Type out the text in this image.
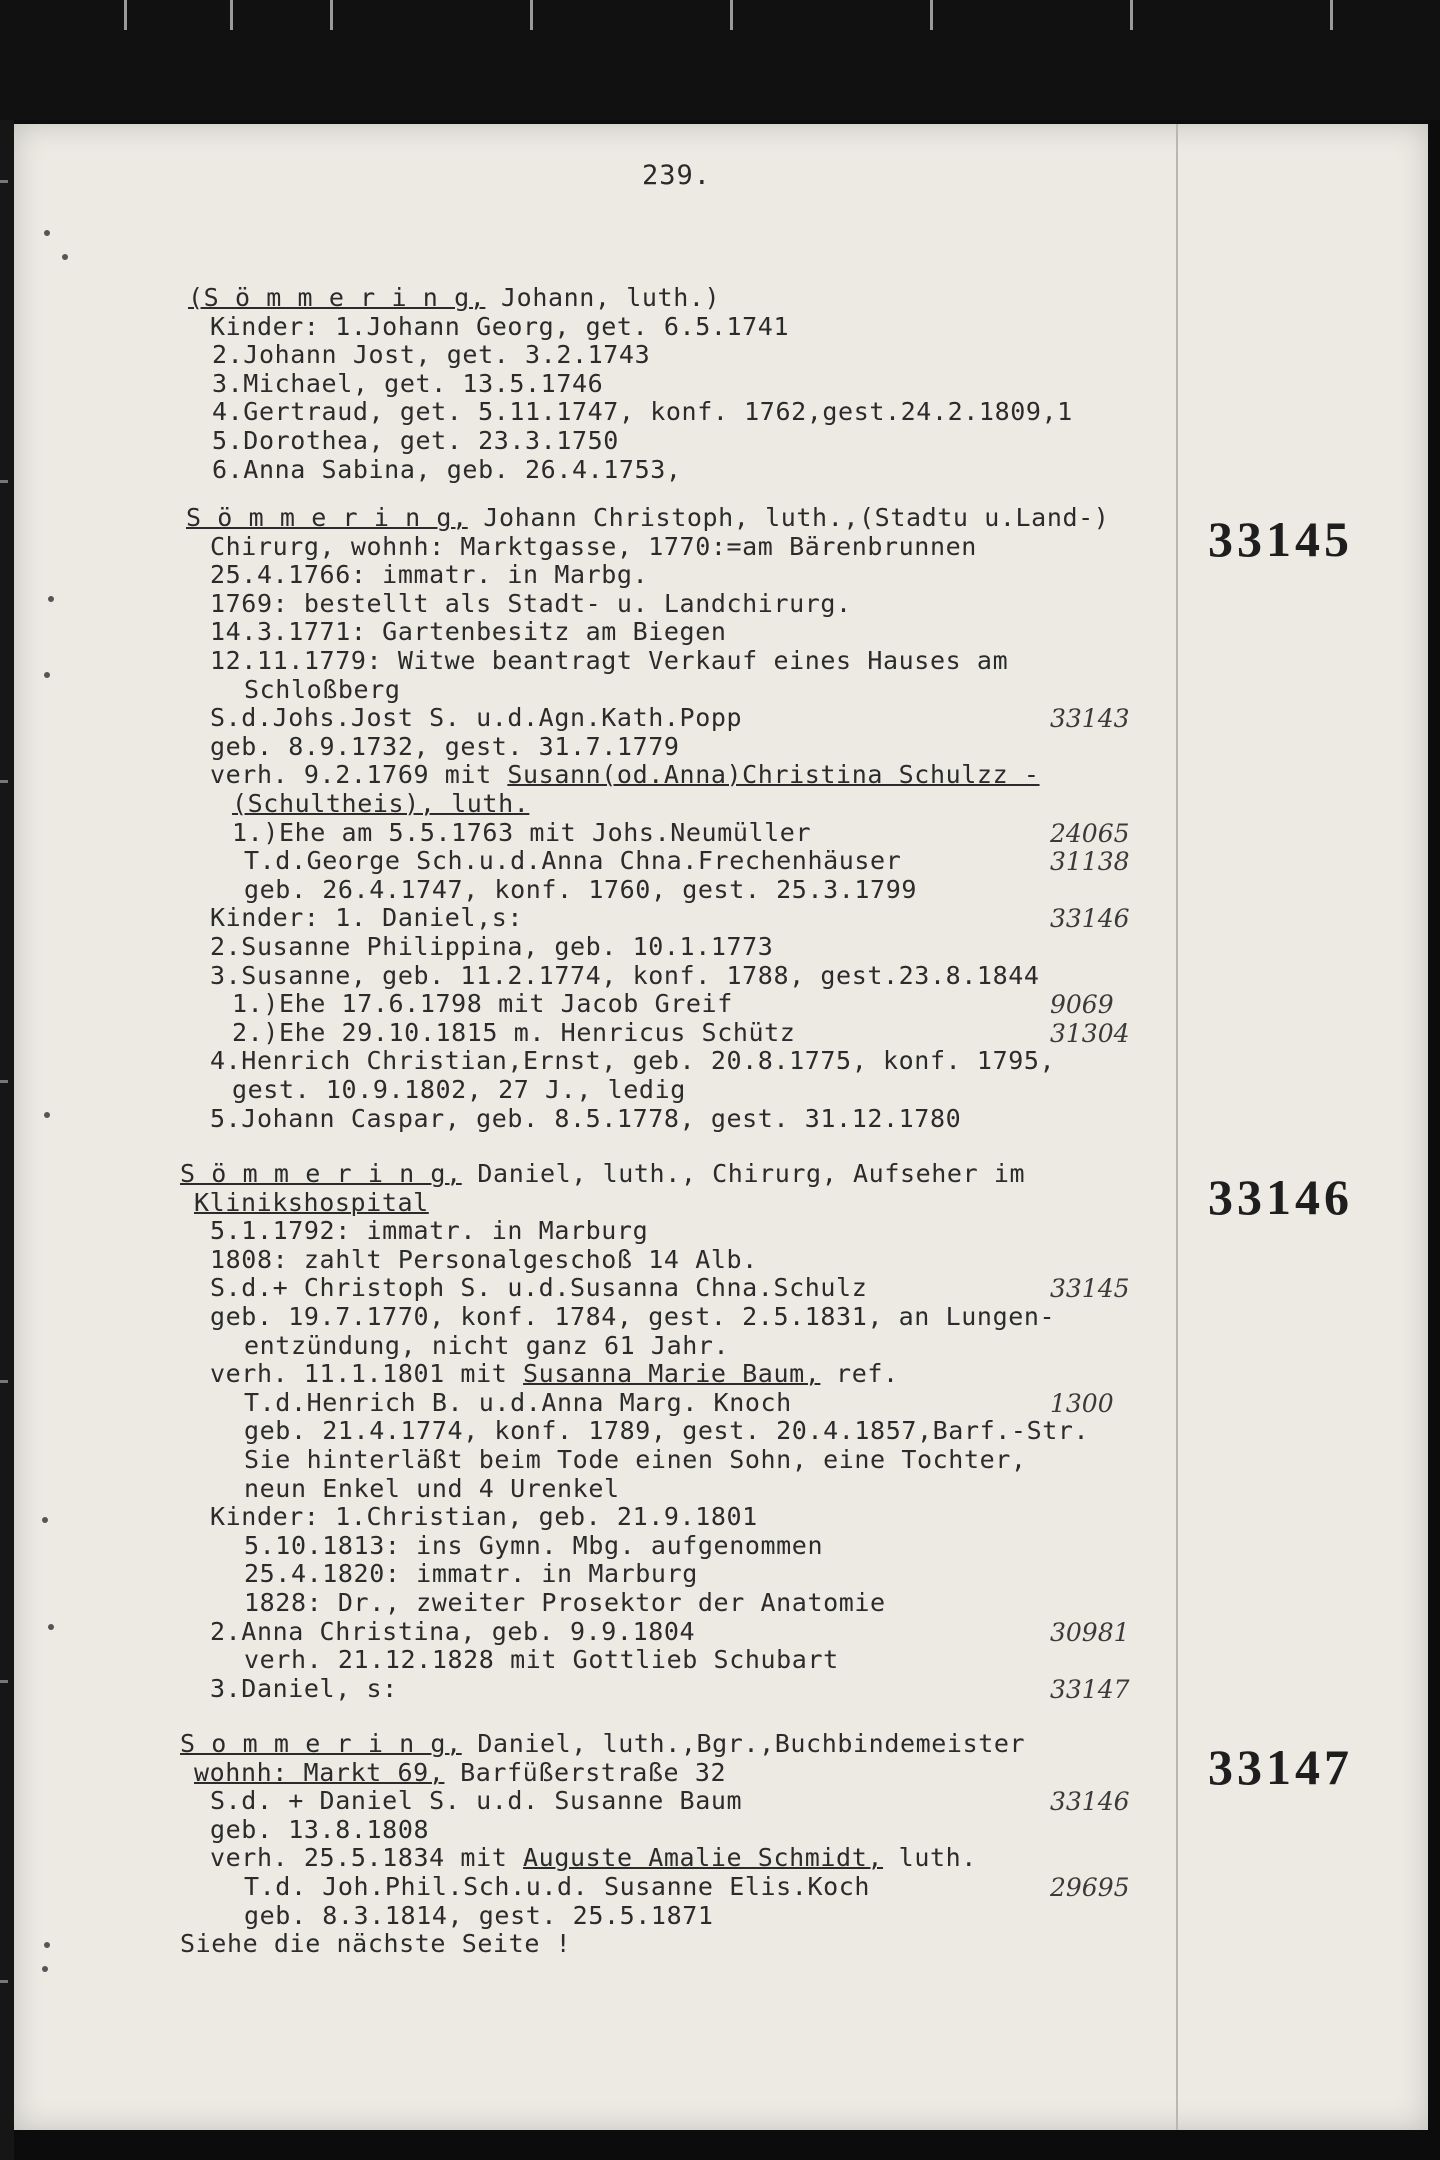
239.
(S ö m m e r i n g, Johann, luth.)
Kinder: 1.Johann Georg, get. 6.5.1741
2.Johann Jost, get. 3.2.1743
3.Michael, get. 13.5.1746
4.Gertraud, get. 5.11.1747, konf. 1762,gest.24.2.1809,1
5.Dorothea, get. 23.3.1750
6.Anna Sabina, geb. 26.4.1753,
S ö m m e r i n g, Johann Christoph, luth.,(Stadtu u.Land-)
Chirurg, wohnh: Marktgasse, 1770:=am Bärenbrunnen
25.4.1766: immatr. in Marbg.
1769: bestellt als Stadt- u. Landchirurg.
14.3.1771: Gartenbesitz am Biegen
12.11.1779: Witwe beantragt Verkauf eines Hauses am
Schloßberg
S.d.Johs.Jost S. u.d.Agn.Kath.Popp	33143
geb. 8.9.1732, gest. 31.7.1779
verh. 9.2.1769 mit Susann(od.Anna)Christina Schulzz -
(Schultheis), luth.
1.)Ehe am 5.5.1763 mit Johs.Neumüller	24065
T.d.George Sch.u.d.Anna Chna.Frechenhäuser	31138
geb. 26.4.1747, konf. 1760, gest. 25.3.1799
Kinder: 1. Daniel,s:	33146
2.Susanne Philippina, geb. 10.1.1773
3.Susanne, geb. 11.2.1774, konf. 1788, gest.23.8.1844
1.)Ehe 17.6.1798 mit Jacob Greif	9069
2.)Ehe 29.10.1815 m. Henricus Schütz	31304
4.Henrich Christian,Ernst, geb. 20.8.1775, konf. 1795,
gest. 10.9.1802, 27 J., ledig
5.Johann Caspar, geb. 8.5.1778, gest. 31.12.1780
33145
S ö m m e r i n g, Daniel, luth., Chirurg, Aufseher im
Klinikshospital
5.1.1792: immatr. in Marburg
1808: zahlt Personalgeschoß 14 Alb.
S.d.+ Christoph S. u.d.Susanna Chna.Schulz	33145
geb. 19.7.1770, konf. 1784, gest. 2.5.1831, an Lungen-
entzündung, nicht ganz 61 Jahr.
verh. 11.1.1801 mit Susanna Marie Baum, ref.
T.d.Henrich B. u.d.Anna Marg. Knoch	1300
geb. 21.4.1774, konf. 1789, gest. 20.4.1857,Barf.-Str.
Sie hinterläßt beim Tode einen Sohn, eine Tochter,
neun Enkel und 4 Urenkel
Kinder: 1.Christian, geb. 21.9.1801
5.10.1813: ins Gymn. Mbg. aufgenommen
25.4.1820: immatr. in Marburg
1828: Dr., zweiter Prosektor der Anatomie
2.Anna Christina, geb. 9.9.1804	30981
verh. 21.12.1828 mit Gottlieb Schubart
3.Daniel, s:	33147
33146
S o m m e r i n g, Daniel, luth.,Bgr.,Buchbindemeister
wohnh: Markt 69, Barfüßerstraße 32
S.d. + Daniel S. u.d. Susanne Baum	33146
geb. 13.8.1808
verh. 25.5.1834 mit Auguste Amalie Schmidt, luth.
T.d. Joh.Phil.Sch.u.d. Susanne Elis.Koch	29695
geb. 8.3.1814, gest. 25.5.1871
Siehe die nächste Seite !
33147
